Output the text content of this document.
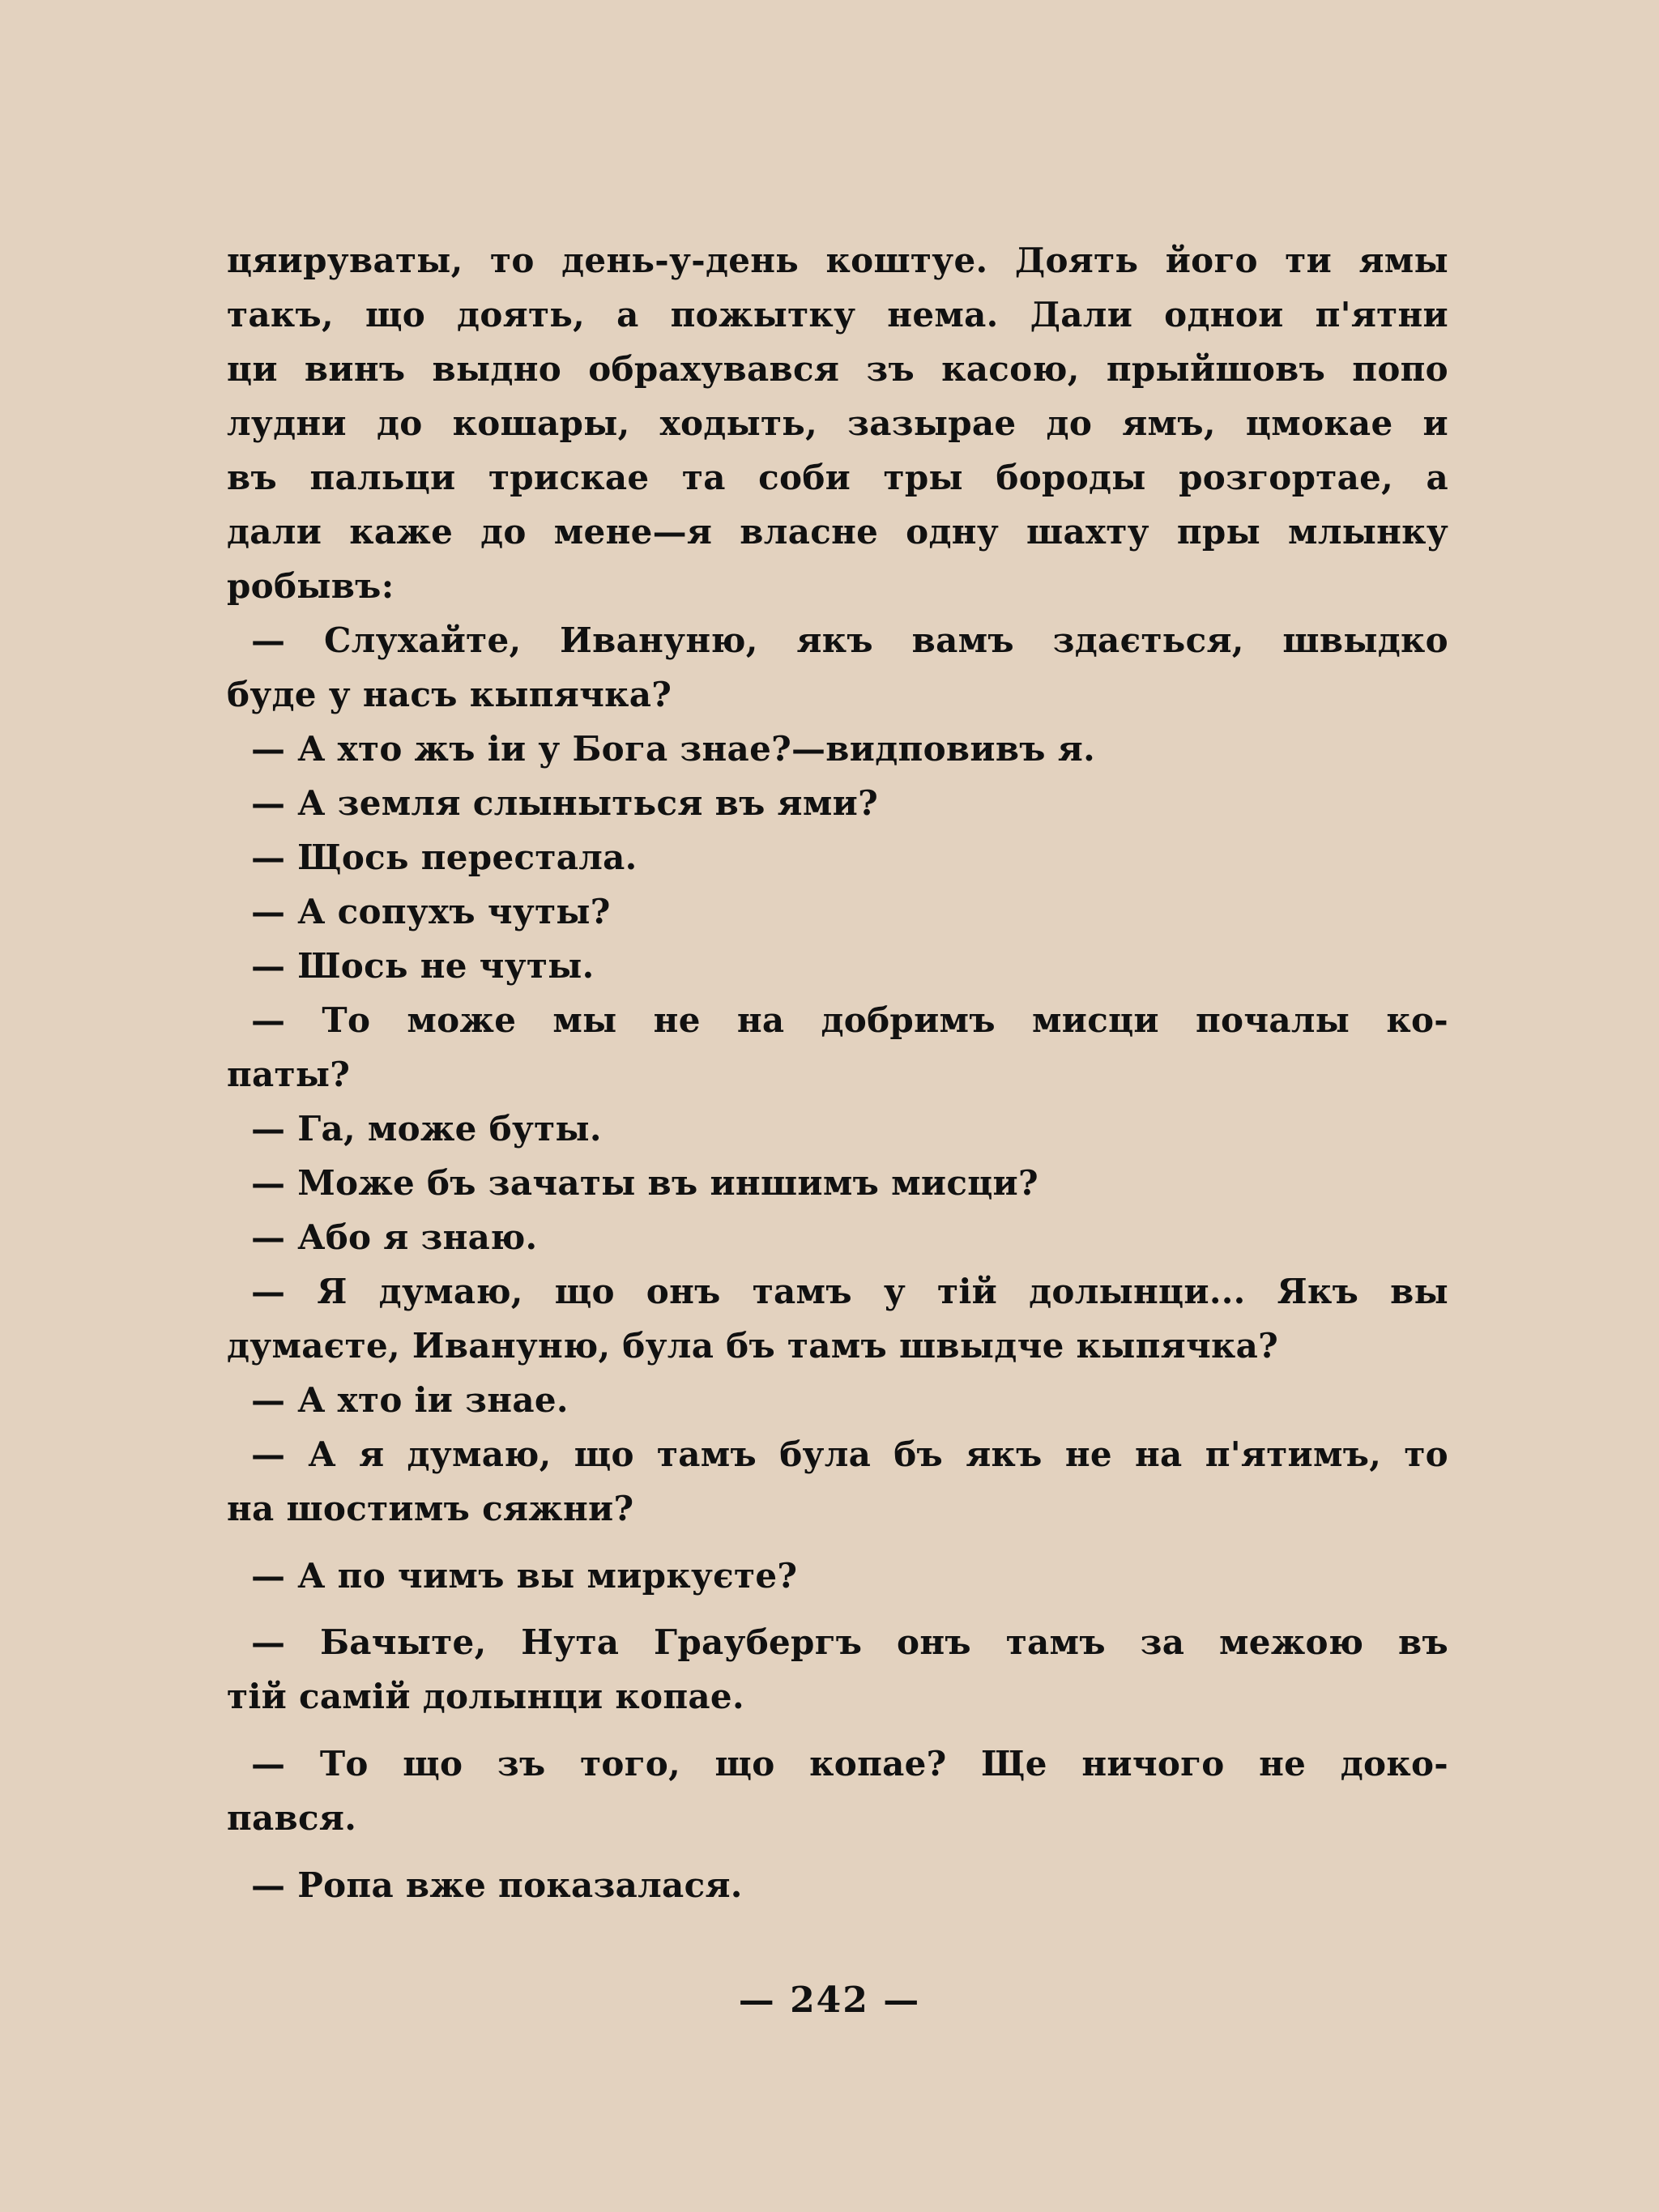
цяируваты, то день-у-день коштуе. Доять його ти ямы
такъ, що доять, а пожытку нема. Дали однои п'ятни
ци винъ выдно обрахувався зъ касою, прыйшовъ попо
лудни до кошары, ходыть, зазырае до ямъ, цмокае и
въ пальци трискае та соби тры бороды розгортае, а
дали каже до мене—я власне одну шахту пры млынку
робывъ:
— Слухайте, Ивануню, якъ вамъ здається, швыдко
буде у насъ кыпячка?
— А хто жъ іи у Бога знае?—видповивъ я.
— А земля слыныться въ ями?
— Щось перестала.
— А сопухъ чуты?
— Шось не чуты.
— То може мы не на добримъ мисци почалы ко-
паты?
— Га, може буты.
— Може бъ зачаты въ иншимъ мисци?
— Або я знаю.
— Я думаю, що онъ тамъ у тій долынци... Якъ вы
думаєте, Ивануню, була бъ тамъ швыдче кыпячка?
— А хто іи знае.
— А я думаю, що тамъ була бъ якъ не на п'ятимъ, то
на шостимъ сяжни?
— А по чимъ вы миркуєте?
— Бачыте, Нута Граубергъ онъ тамъ за межою въ
тій самій долынци копае.
— То що зъ того, що копае? Ще ничого не доко-
пався.
— Ропа вже показалася.
— 242 —
